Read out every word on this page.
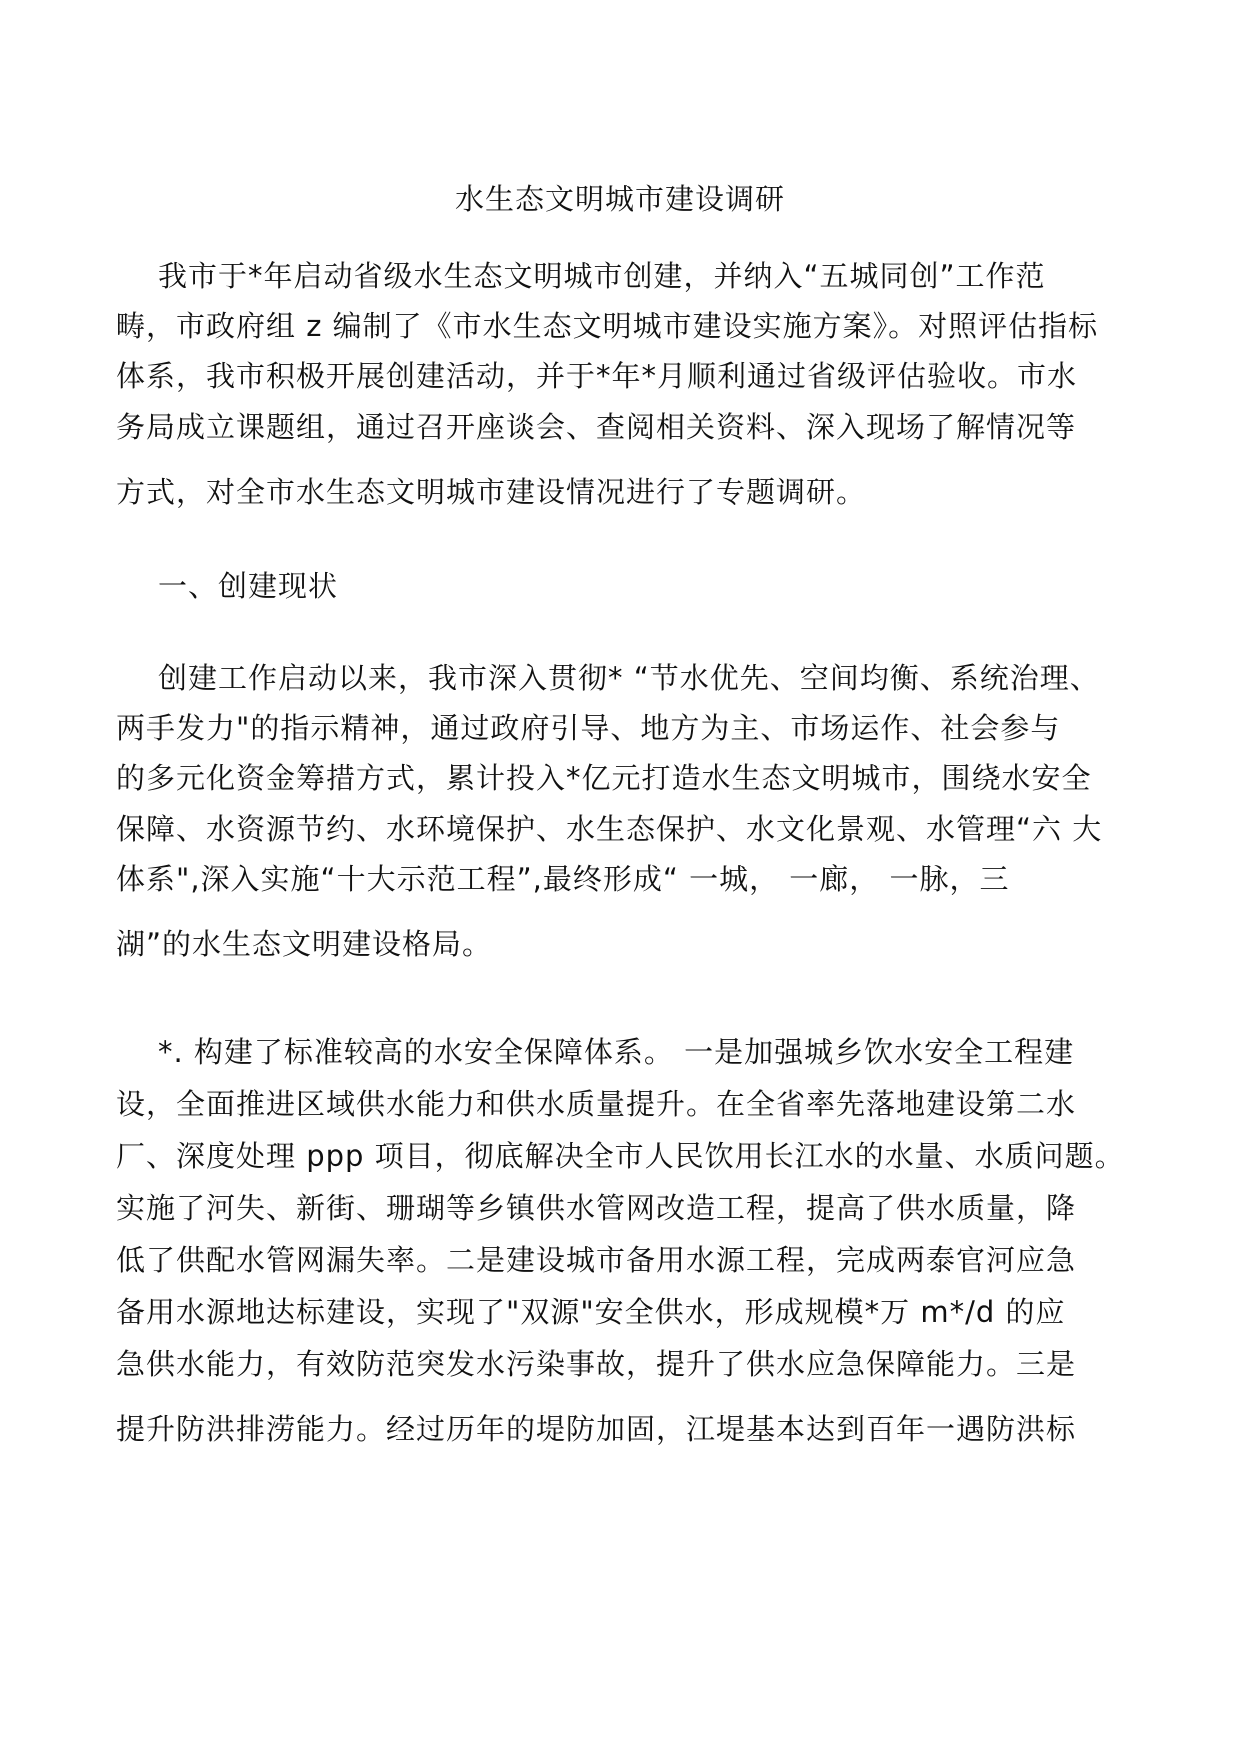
水生态文明城市建设调研
我市于*年启动省级水生态文明城市创建，并纳入“五城同创”工作范
畴，市政府组 z 编制了《市水生态文明城市建设实施方案》。对照评估指标
体系，我市积极开展创建活动，并于*年*月顺利通过省级评估验收。市水
务局成立课题组，通过召开座谈会、查阅相关资料、深入现场了解情况等
方式，对全市水生态文明城市建设情况进行了专题调研。
一、创建现状
创建工作启动以来，我市深入贯彻* “节水优先、空间均衡、系统治理、
两手发力"的指示精神，通过政府引导、地方为主、市场运作、社会参与
的多元化资金筹措方式，累计投入*亿元打造水生态文明城市，围绕水安全
保障、水资源节约、水环境保护、水生态保护、水文化景观、水管理“六 大
体系",深入实施“十大示范工程”,最终形成“ 一城， 一廊， 一脉，三
湖”的水生态文明建设格局。
*. 构建了标准较高的水安全保障体系。 一是加强城乡饮水安全工程建
设，全面推进区域供水能力和供水质量提升。在全省率先落地建设第二水
厂、深度处理 ppp 项目，彻底解决全市人民饮用长江水的水量、水质问题。
实施了河失、新街、珊瑚等乡镇供水管网改造工程，提高了供水质量，降
低了供配水管网漏失率。二是建设城市备用水源工程，完成两泰官河应急
备用水源地达标建设，实现了"双源"安全供水，形成规模*万 m*/d 的应
急供水能力，有效防范突发水污染事故，提升了供水应急保障能力。三是
提升防洪排涝能力。经过历年的堤防加固，江堤基本达到百年一遇防洪标
